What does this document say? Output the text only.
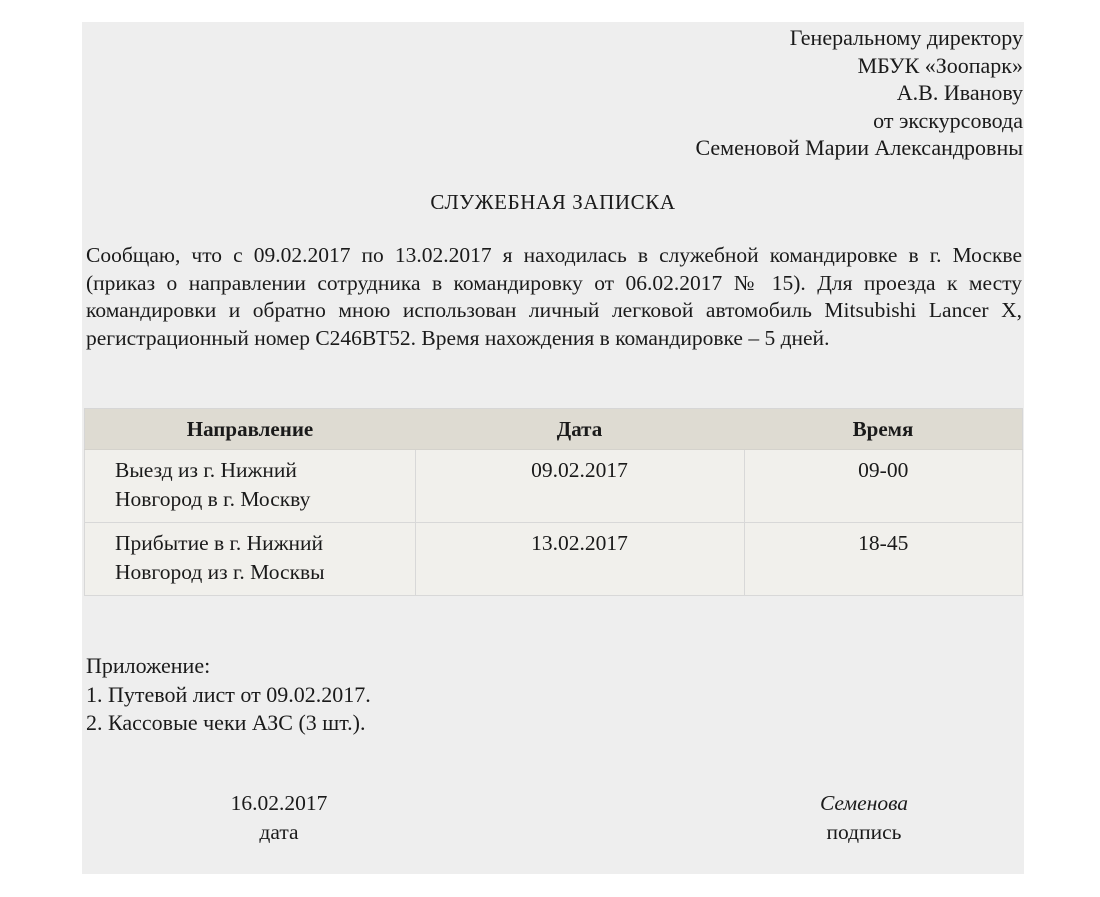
Генеральному директору
МБУК «Зоопарк»
А.В. Иванову
от экскурсовода
Семеновой Марии Александровны
СЛУЖЕБНАЯ ЗАПИСКА

Сообщаю, что с 09.02.2017 по 13.02.2017 я находилась в служебной командировке в г. Москве (приказ о направлении сотрудника в командировку от 06.02.2017 № 15). Для проезда к месту командировки и обратно мною использован личный легковой автомобиль Mitsubishi Lancer X, регистрационный номер С246ВТ52. Время нахождения в командировке – 5 дней.

Направление	Дата	Время

Выезд из г. Нижний
Новгород в г. Москву	09.02.2017	09-00

Прибытие в г. Нижний
Новгород из г. Москвы	13.02.2017	18-45
Приложение:
1. Путевой лист от 09.02.2017.
2. Кассовые чеки АЗС (3 шт.).
16.02.2017
дата
Семенова
подпись
